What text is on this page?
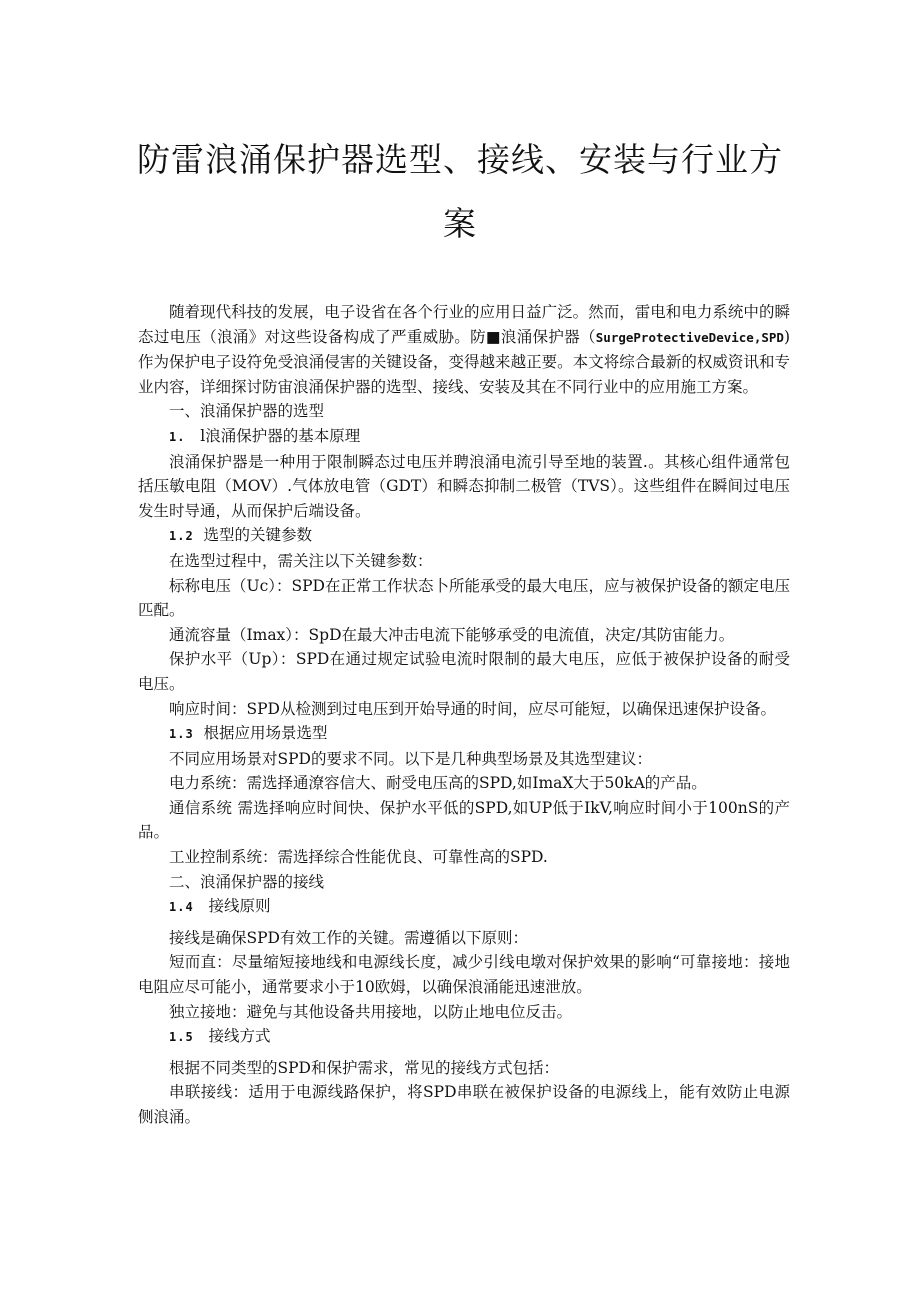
防雷浪涌保护器选型、接线、安装与行业方
案

随着现代科技的发展，电子设省在各个行业的应用日益广泛。然而，雷电和电力系统中的瞬态过电压（浪涌》对这些设备构成了严重威胁。防■浪涌保护器（SurgeProtectiveDevice,SPD)作为保护电子设符免受浪涌侵害的关键设备，变得越来越正要。本文将综合最新的权威资讯和专业内容，详细探讨防宙浪涌保护器的选型、接线、安装及其在不同行业中的应用施工方案。

一、浪涌保护器的选型

1. l浪涌保护器的基本原理

浪涌保护器是一种用于限制瞬态过电压并聘浪涌电流引导至地的装置.。其核心组件通常包括压敏电阻（MOV）.气体放电管（GDT）和瞬态抑制二极管（TVS）。这些组件在瞬间过电压发生时导通，从而保护后端设备。

1.2 选型的关键参数

在选型过程中，需关注以下关键参数：

标称电压（Uc）：SPD在正常工作状态卜所能承受的最大电压，应与被保护设备的额定电压匹配。

通流容量（Imax）：SpD在最大冲击电流下能够承受的电流值，决定/其防宙能力。

保护水平（Up）：SPD在通过规定试验电流时限制的最大电压，应低于被保护设备的耐受电压。

响应时间：SPD从检测到过电压到开始导通的时间，应尽可能短，以确保迅速保护设备。

1.3 根据应用场景选型

不同应用场景对SPD的要求不同。以下是几种典型场景及其选型建议：

电力系统：需选择通潦容信大、耐受电压高的SPD,如ImaX大于50kA的产品。

通信系统 需选择响应时间快、保护水平低的SPD,如UP低于IkV,响应时间小于100nS的产品。

工业控制系统：需选择综合性能优良、可靠性高的SPD.

二、浪涌保护器的接线

1.4 接线原则

接线是确保SPD有效工作的关键。需遵循以下原则：

短而直：尽量缩短接地线和电源线长度，减少引线电墩对保护效果的影响“可靠接地：接地电阻应尽可能小，通常要求小于10欧姆，以确保浪涌能迅速泄放。

独立接地：避免与其他设备共用接地，以防止地电位反击。

1.5 接线方式

根据不同类型的SPD和保护需求，常见的接线方式包括：

串联接线：适用于电源线路保护，将SPD串联在被保护设备的电源线上，能有效防止电源侧浪涌。
